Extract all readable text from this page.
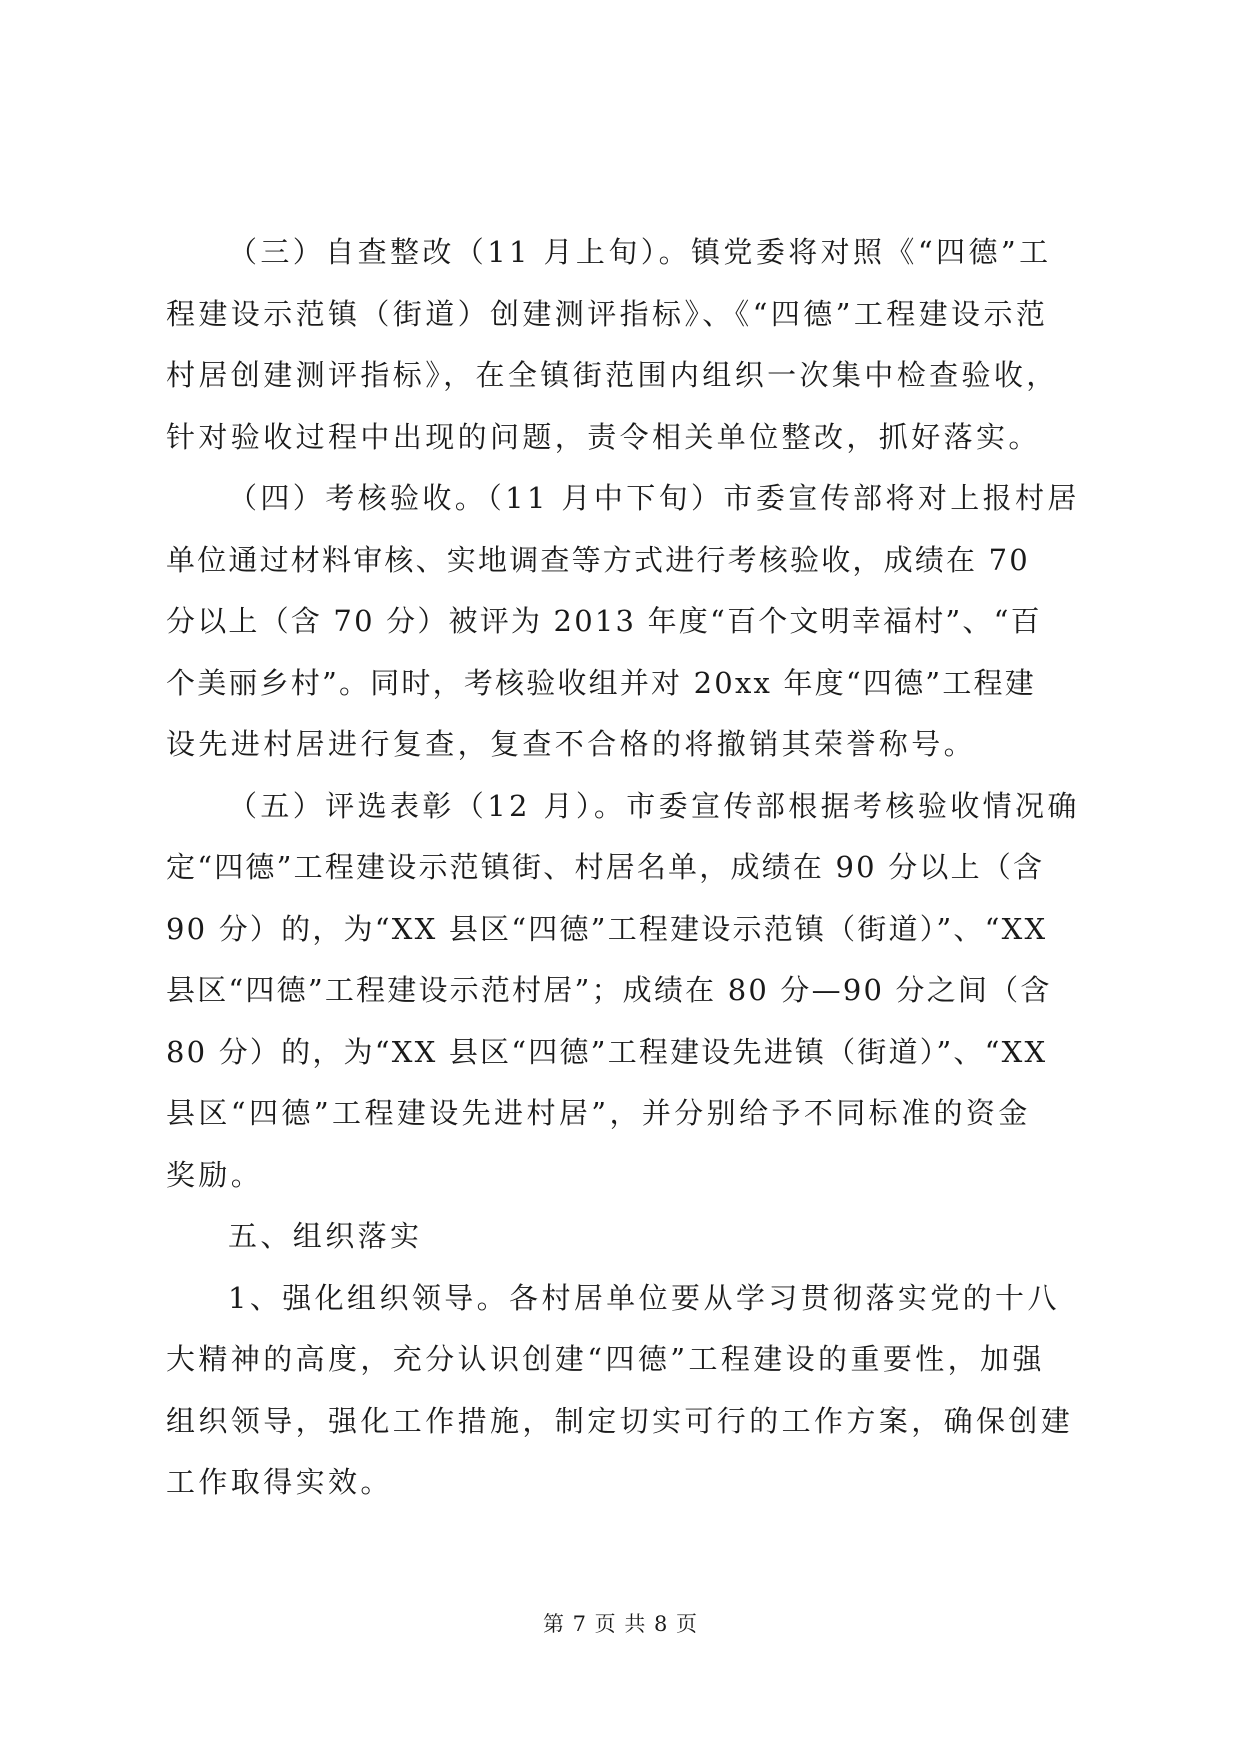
（三）自查整改（11 月上旬）。镇党委将对照《“四德”工
程建设示范镇（街道）创建测评指标》、《“四德”工程建设示范
村居创建测评指标》，在全镇街范围内组织一次集中检查验收，
针对验收过程中出现的问题，责令相关单位整改，抓好落实。
（四）考核验收。（11 月中下旬）市委宣传部将对上报村居
单位通过材料审核、实地调查等方式进行考核验收，成绩在 70
分以上（含 70 分）被评为 2013 年度“百个文明幸福村”、“百
个美丽乡村”。同时，考核验收组并对 20xx 年度“四德”工程建
设先进村居进行复查，复查不合格的将撤销其荣誉称号。
（五）评选表彰（12 月）。市委宣传部根据考核验收情况确
定“四德”工程建设示范镇街、村居名单，成绩在 90 分以上（含
90 分）的，为“XX 县区“四德”工程建设示范镇（街道）”、“XX
县区“四德”工程建设示范村居”；成绩在 80 分—90 分之间（含
80 分）的，为“XX 县区“四德”工程建设先进镇（街道）”、“XX
县区“四德”工程建设先进村居”，并分别给予不同标准的资金
奖励。
五、组织落实
1、强化组织领导。各村居单位要从学习贯彻落实党的十八
大精神的高度，充分认识创建“四德”工程建设的重要性，加强
组织领导，强化工作措施，制定切实可行的工作方案，确保创建
工作取得实效。
第 7 页 共 8 页
